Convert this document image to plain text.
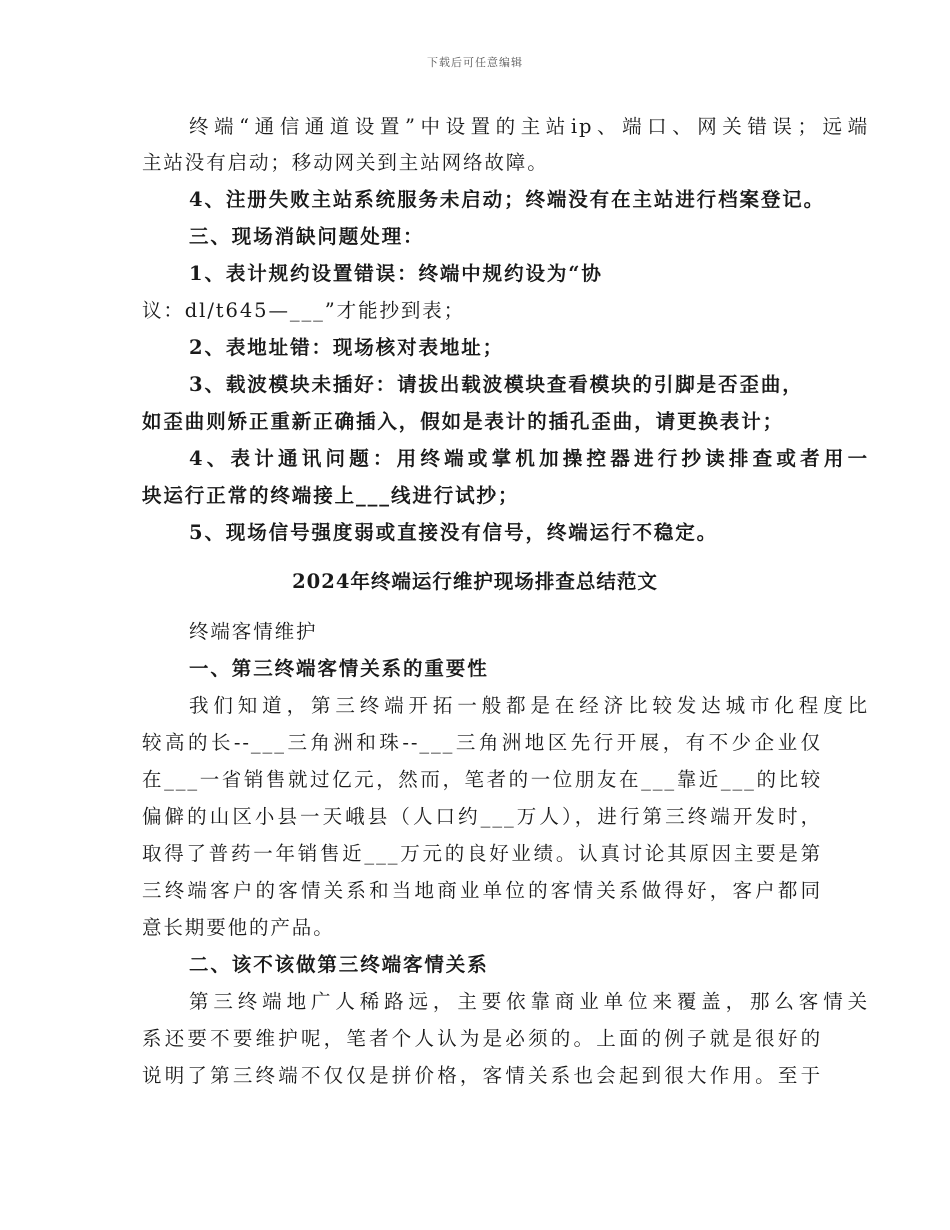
下载后可任意编辑
终端“通信通道设置”中设置的主站ip、端口、网关错误；远端
主站没有启动；移动网关到主站网络故障。
4、注册失败主站系统服务未启动；终端没有在主站进行档案登记。
三、现场消缺问题处理：
1、表计规约设置错误：终端中规约设为“协
议：dl/t645—___”才能抄到表；
2、表地址错：现场核对表地址；
3、载波模块未插好：请拔出载波模块查看模块的引脚是否歪曲，
如歪曲则矫正重新正确插入，假如是表计的插孔歪曲，请更换表计；
4、表计通讯问题：用终端或掌机加操控器进行抄读排查或者用一
块运行正常的终端接上___线进行试抄；
5、现场信号强度弱或直接没有信号，终端运行不稳定。
2024年终端运行维护现场排查总结范文
终端客情维护
一、第三终端客情关系的重要性
我们知道，第三终端开拓一般都是在经济比较发达城市化程度比
较高的长--___三角洲和珠--___三角洲地区先行开展，有不少企业仅
在___一省销售就过亿元，然而，笔者的一位朋友在___靠近___的比较
偏僻的山区小县一天峨县（人口约___万人），进行第三终端开发时，
取得了普药一年销售近___万元的良好业绩。认真讨论其原因主要是第
三终端客户的客情关系和当地商业单位的客情关系做得好，客户都同
意长期要他的产品。
二、该不该做第三终端客情关系
第三终端地广人稀路远，主要依靠商业单位来覆盖，那么客情关
系还要不要维护呢，笔者个人认为是必须的。上面的例子就是很好的
说明了第三终端不仅仅是拼价格，客情关系也会起到很大作用。至于
